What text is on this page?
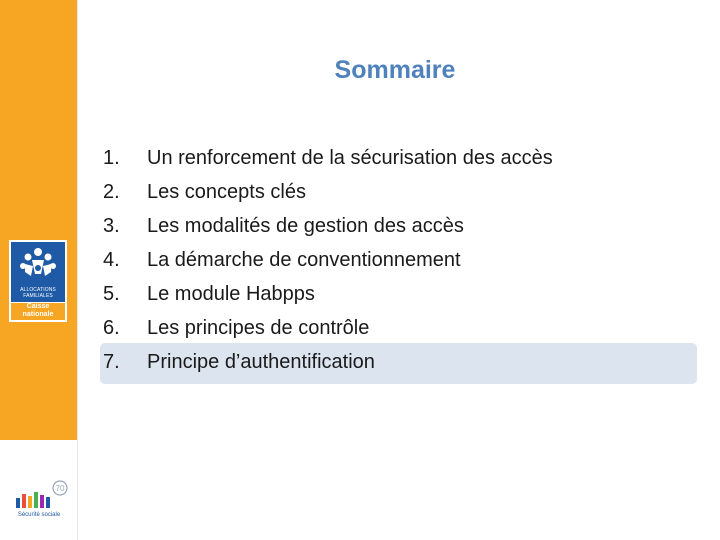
ALLOCATIONS FAMILIALES
Caisse nationale
70
Sécurité sociale
Sommaire
1.	Un renforcement de la sécurisation des accès
2.	Les concepts clés
3.	Les modalités de gestion des accès
4.	La démarche de conventionnement
5.	Le module Habpps
6.	Les principes de contrôle
7.	Principe d’authentification
